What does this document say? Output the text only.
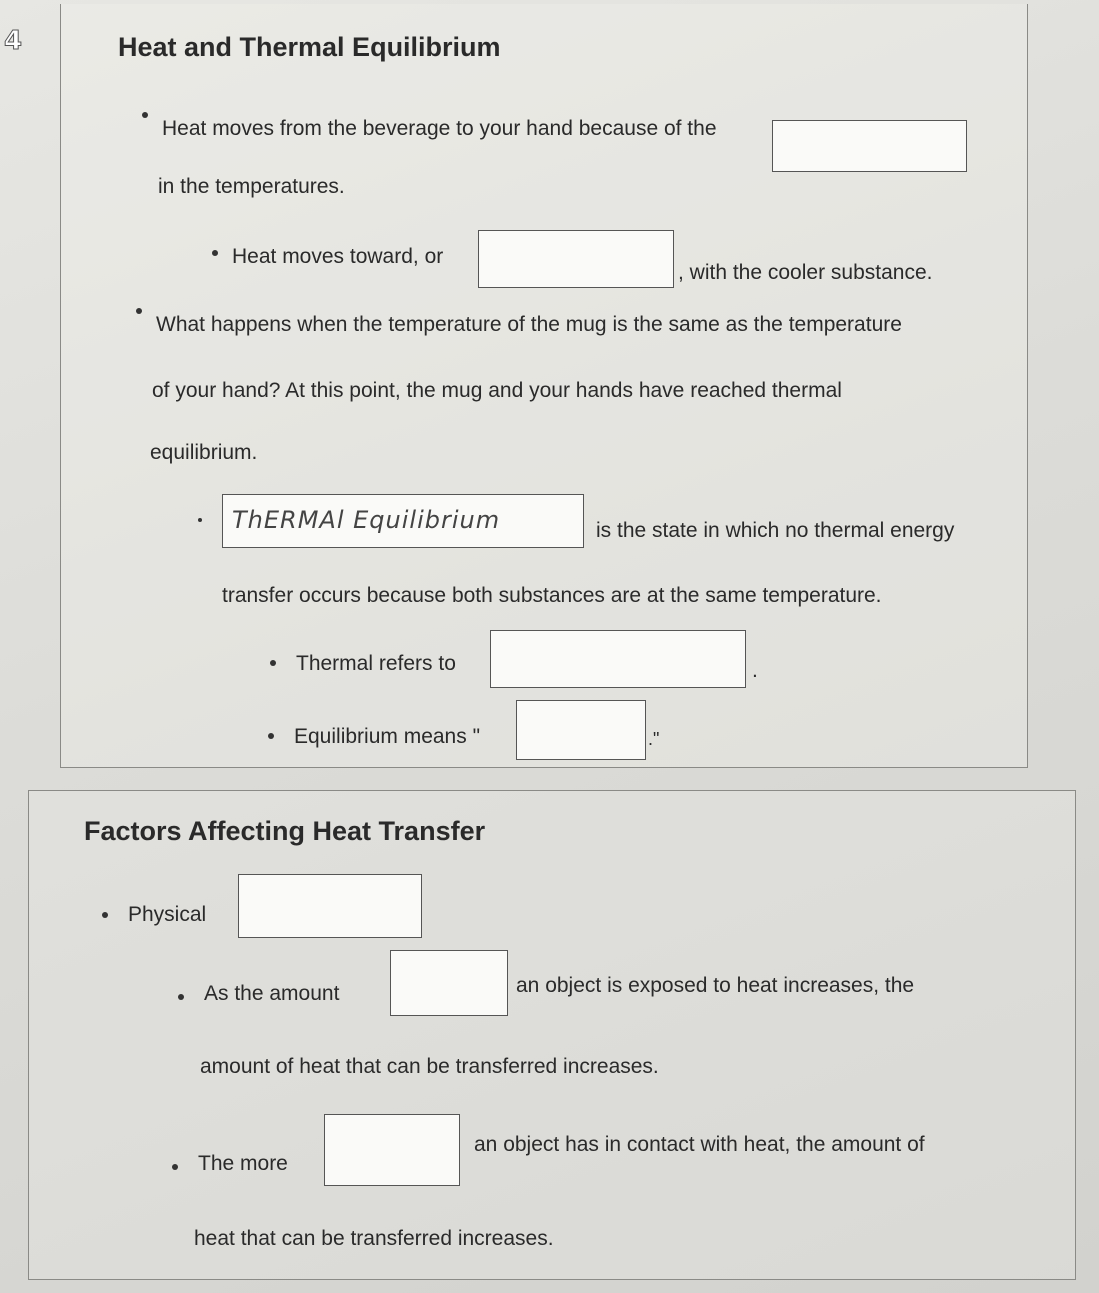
4	Heat and Thermal Equilibrium
Heat moves from the beverage to your hand because of the
in the temperatures.
Heat moves toward, or
, with the cooler substance.
What happens when the temperature of the mug is the same as the temperature
of your hand? At this point, the mug and your hands have reached thermal
equilibrium.
ThERMAl Equilibrium	is the state in which no thermal energy
transfer occurs because both substances are at the same temperature.
Thermal refers to	.
Equilibrium means "	."
Factors Affecting Heat Transfer
Physical
As the amount	an object is exposed to heat increases, the
amount of heat that can be transferred increases.
The more
an object has in contact with heat, the amount of
heat that can be transferred increases.
